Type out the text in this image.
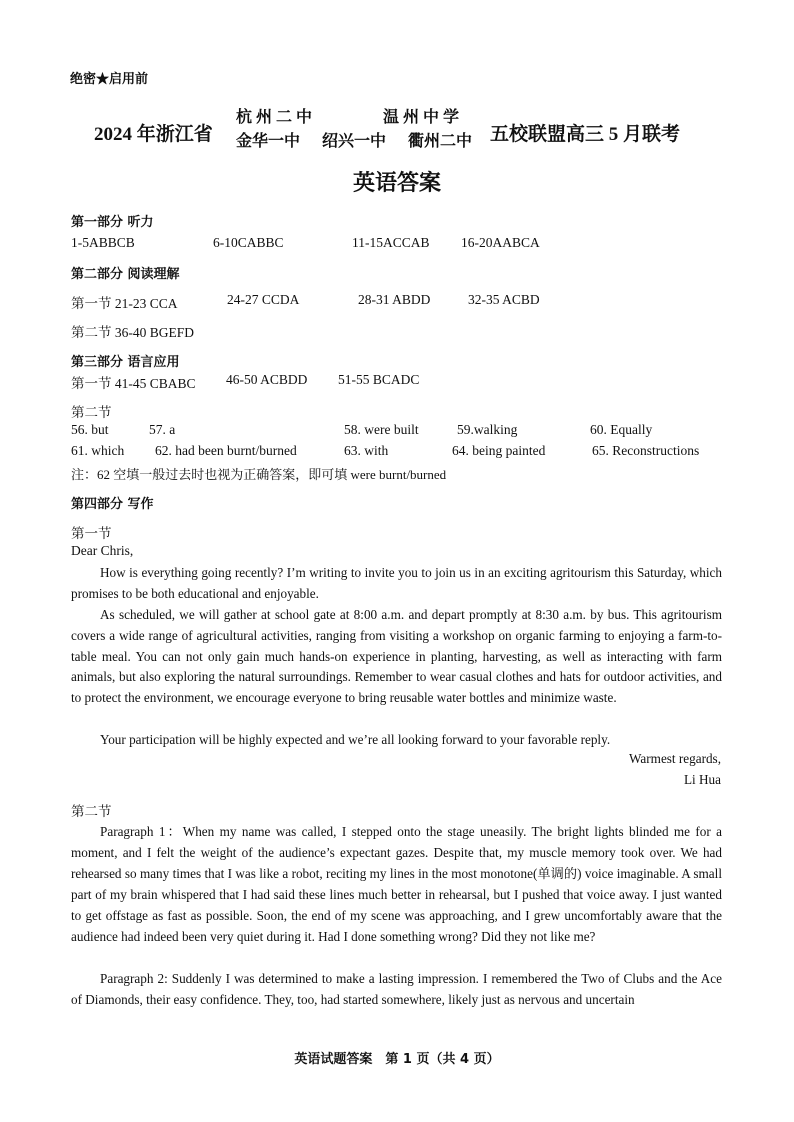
绝密★启用前
2024 年浙江省
杭 州 二 中	温 州 中 学
金华一中 绍兴一中 衢州二中 五校联盟高三 5 月联考
英语答案
第一部分 听力
1-5ABBCB	6-10CABBC	11-15ACCAB 16-20AABCA
第二部分 阅读理解
第一节 21-23 CCA	24-27 CCDA	28-31 ABDD	32-35 ACBD
第二节 36-40 BGEFD
第三部分 语言应用
第一节 41-45 CBABC 46-50 ACBDD 51-55 BCADC
第二节
56. but	57. a	58. were built	59.walking	60. Equally
61. which 62. had been burnt/burned	63. with	64. being painted	65. Reconstructions
注：62 空填一般过去时也视为正确答案，即可填 were burnt/burned
第四部分 写作
第一节
Dear Chris,

How is everything going recently? I’m writing to invite you to join us in an exciting agritourism this Saturday, which promises to be both educational and enjoyable.

As scheduled, we will gather at school gate at 8:00 a.m. and depart promptly at 8:30 a.m. by bus. This agritourism covers a wide range of agricultural activities, ranging from visiting a workshop on organic farming to enjoying a farm-to-table meal. You can not only gain much hands-on experience in planting, harvesting, as well as interacting with farm animals, but also exploring the natural surroundings. Remember to wear casual clothes and hats for outdoor activities, and to protect the environment, we encourage everyone to bring reusable water bottles and minimize waste.

Your participation will be highly expected and we’re all looking forward to your favorable reply.

Warmest regards,
Li Hua
第二节

Paragraph 1：When my name was called, I stepped onto the stage uneasily. The bright lights blinded me for a moment, and I felt the weight of the audience’s expectant gazes. Despite that, my muscle memory took over. We had rehearsed so many times that I was like a robot, reciting my lines in the most monotone(单调的) voice imaginable. A small part of my brain whispered that I had said these lines much better in rehearsal, but I pushed that voice away. I just wanted to get offstage as fast as possible. Soon, the end of my scene was approaching, and I grew uncomfortably aware that the audience had indeed been very quiet during it. Had I done something wrong? Did they not like me?

Paragraph 2: Suddenly I was determined to make a lasting impression. I remembered the Two of Clubs and the Ace of Diamonds, their easy confidence. They, too, had started somewhere, likely just as nervous and uncertain

英语试题答案　第 1 页（共 4 页）
